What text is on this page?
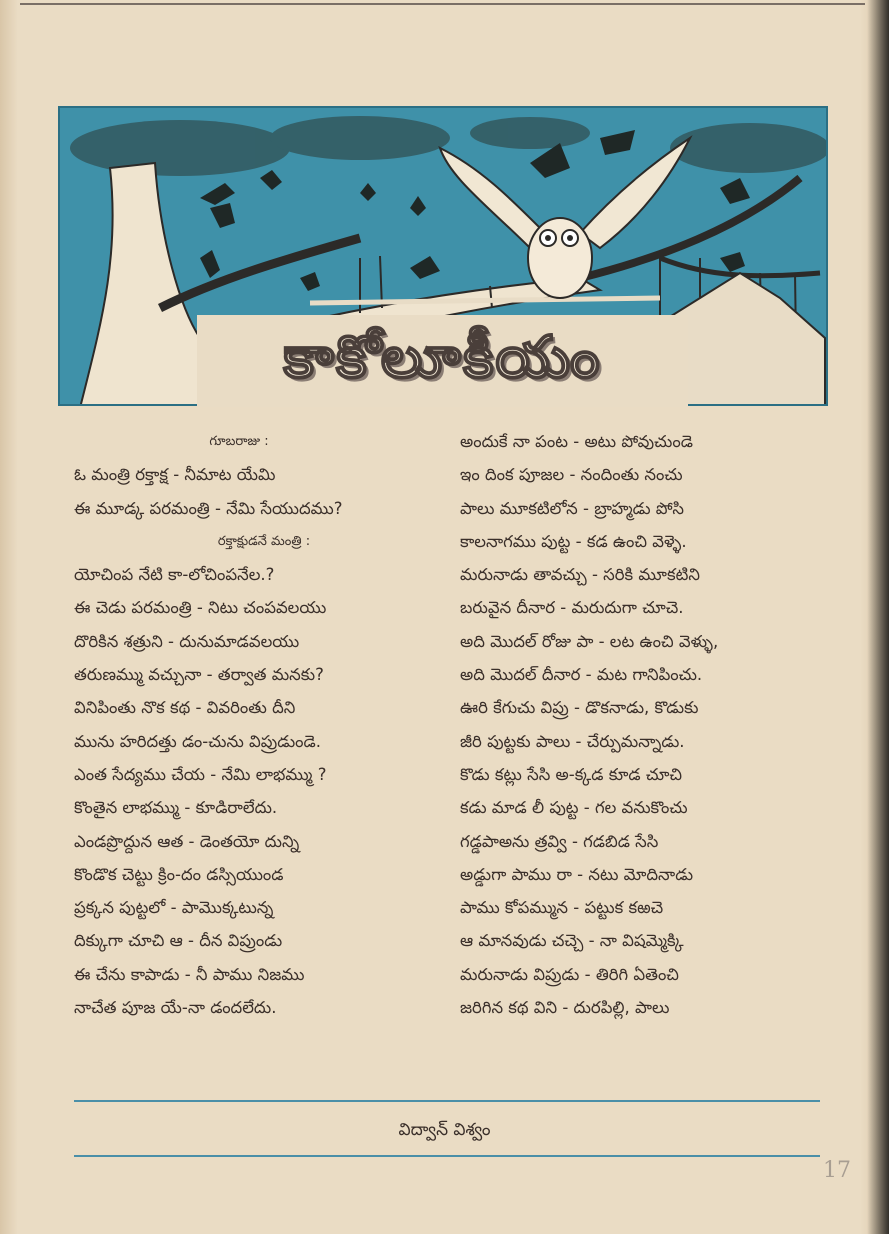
కాకోలూకీయం
గూబరాజు :
ఓ మంత్రి రక్తాక్ష - నీమాట యేమి
ఈ మూడ్క పరమంత్రి - నేమి సేయుదము?
రక్తాక్షుడనే మంత్రి :
యోచింప నేటి కా-లోచింపనేల.?
ఈ చెడు పరమంత్రి - నిటు చంపవలయు
దొరికిన శత్రుని - దునుమాడవలయు
తరుణమ్ము వచ్చునా - తర్వాత మనకు?
వినిపింతు నొక కథ - వివరింతు దీని
మును హరిదత్తు డం-చును విప్రుడుండె.
ఎంత సేద్యము చేయ - నేమి లాభమ్ము ?
కొంతైన లాభమ్ము - కూడిరాలేదు.
ఎండప్రొద్దున ఆత - డెంతయో దున్ని
కొండొక చెట్టు క్రిం-దం డస్సియుండ
ప్రక్కన పుట్టలో - పామొక్కటున్న
దిక్కుగా చూచి ఆ - దీన విప్రుండు
ఈ చేను కాపాడు - నీ పాము నిజము
నాచేత పూజ యే-నా డందలేదు.
అందుకే నా పంట - అటు పోవుచుండె
ఇం దింక పూజల - నందింతు నంచు
పాలు మూకటిలోన - బ్రాహ్మడు పోసి
కాలనాగము పుట్ట - కడ ఉంచి వెళ్ళె.
మరునాడు తావచ్చు - సరికి మూకటిని
బరువైన దీనార - మరుదుగా చూచె.
అది మొదల్ రోజు పా - లట ఉంచి వెళ్ళు,
అది మొదల్ దీనార - మట గానిపించు.
ఊరి కేగుచు విప్రు - డొకనాడు, కొడుకు
జీరి పుట్టకు పాలు - చేర్పుమన్నాడు.
కొడు కట్లు సేసి అ-క్కడ కూడ చూచి
కడు మాడ లీ పుట్ట - గల వనుకొంచు
గడ్డపాఅను త్రవ్వి - గడబిడ సేసి
అడ్డుగా పాము రా - నటు మోదినాడు
పాము కోపమ్మున - పట్టుక కఱచె
ఆ మానవుడు చచ్చె - నా విషమ్మెక్కి
మరునాడు విప్రుడు - తిరిగి ఏతెంచి
జరిగిన కథ విని - దురపిల్లి, పాలు
విద్వాన్ విశ్వం
17
